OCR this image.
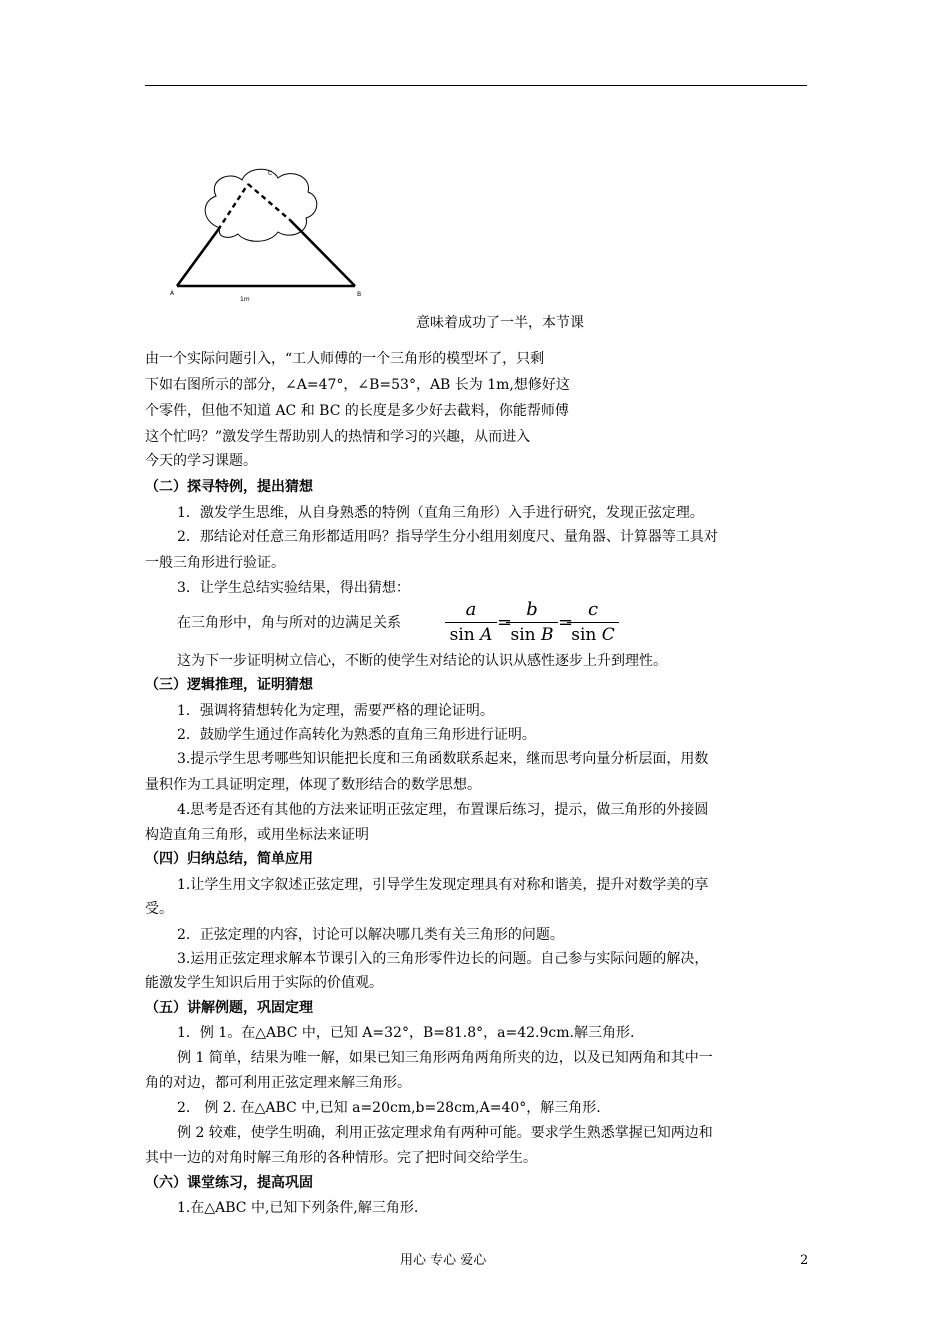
C
A	B
1m
意味着成功了一半，本节课
由一个实际问题引入，“工人师傅的一个三角形的模型坏了，只剩
下如右图所示的部分，∠A=47°，∠B=53°，AB 长为 1m,想修好这
个零件，但他不知道 AC 和 BC 的长度是多少好去截料，你能帮师傅
这个忙吗？”激发学生帮助别人的热情和学习的兴趣，从而进入
今天的学习课题。
（二）探寻特例，提出猜想
1．激发学生思维，从自身熟悉的特例（直角三角形）入手进行研究，发现正弦定理。
2．那结论对任意三角形都适用吗？指导学生分小组用刻度尺、量角器、计算器等工具对
一般三角形进行验证。
3．让学生总结实验结果，得出猜想：
在三角形中，角与所对的边满足关系
a
sin A
=
b
sin B
=
c
sin C
这为下一步证明树立信心，不断的使学生对结论的认识从感性逐步上升到理性。
（三）逻辑推理，证明猜想
1．强调将猜想转化为定理，需要严格的理论证明。
2．鼓励学生通过作高转化为熟悉的直角三角形进行证明。
3.提示学生思考哪些知识能把长度和三角函数联系起来，继而思考向量分析层面，用数
量积作为工具证明定理，体现了数形结合的数学思想。
4.思考是否还有其他的方法来证明正弦定理，布置课后练习，提示，做三角形的外接圆
构造直角三角形，或用坐标法来证明
（四）归纳总结，简单应用
1.让学生用文字叙述正弦定理，引导学生发现定理具有对称和谐美，提升对数学美的享
受。
2．正弦定理的内容，讨论可以解决哪几类有关三角形的问题。
3.运用正弦定理求解本节课引入的三角形零件边长的问题。自己参与实际问题的解决，
能激发学生知识后用于实际的价值观。
（五）讲解例题，巩固定理
1．例 1。在△ABC 中，已知 A=32°，B=81.8°，a=42.9cm.解三角形.
例 1 简单，结果为唯一解，如果已知三角形两角两角所夹的边，以及已知两角和其中一
角的对边，都可利用正弦定理来解三角形。
2． 例 2. 在△ABC 中,已知 a=20cm,b=28cm,A=40°，解三角形.
例 2 较难，使学生明确，利用正弦定理求角有两种可能。要求学生熟悉掌握已知两边和
其中一边的对角时解三角形的各种情形。完了把时间交给学生。
（六）课堂练习，提高巩固
1.在△ABC 中,已知下列条件,解三角形.
用心 专心 爱心	2
